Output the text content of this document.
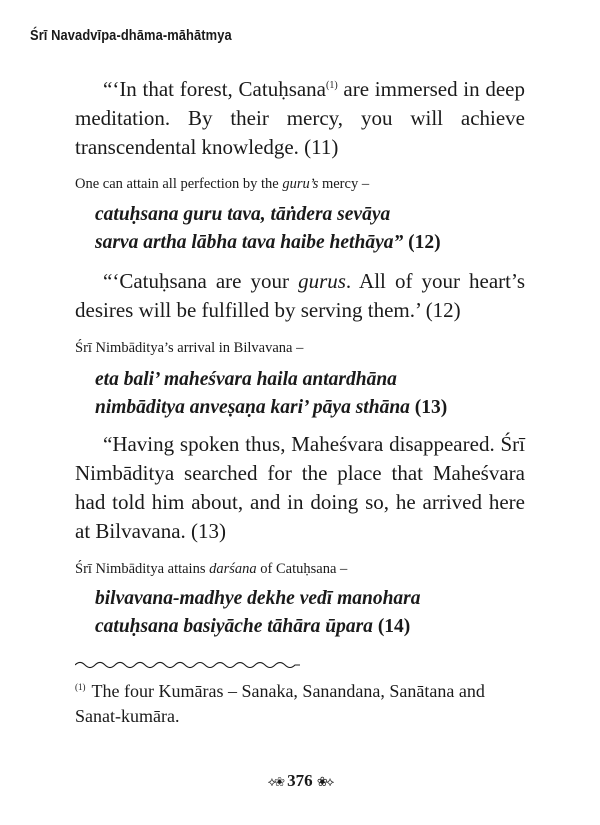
Śrī Navadvīpa-dhāma-māhātmya

“‘In that forest, Catuḥsana$^{(1)}$ are immersed in deep meditation. By their mercy, you will achieve transcendental knowledge. (11)

One can attain all perfection by the guru’s mercy –

catuḥsana guru tava, tāṅdera sevāya

sarva artha lābha tava haibe hethāya” (12)

“‘Catuḥsana are your gurus. All of your heart’s desires will be fulfilled by serving them.’ (12)

Śrī Nimbāditya’s arrival in Bilvavana –

eta bali’ maheśvara haila antardhāna

nimbāditya anveṣaṇa kari’ pāya sthāna (13)

“Having spoken thus, Maheśvara disappeared. Śrī Nimbāditya searched for the place that Maheśvara had told him about, and in doing so, he arrived here at Bilvavana. (13)

Śrī Nimbāditya attains darśana of Catuḥsana –

bilvavana-madhye dekhe vedī manohara

catuḥsana basiyāche tāhāra ūpara (14)

$^{(1)}$ The four Kumāras – Sanaka, Sanandana, Sanātana and Sanat-kumāra.

⟡❀ 376 ❀⟡
